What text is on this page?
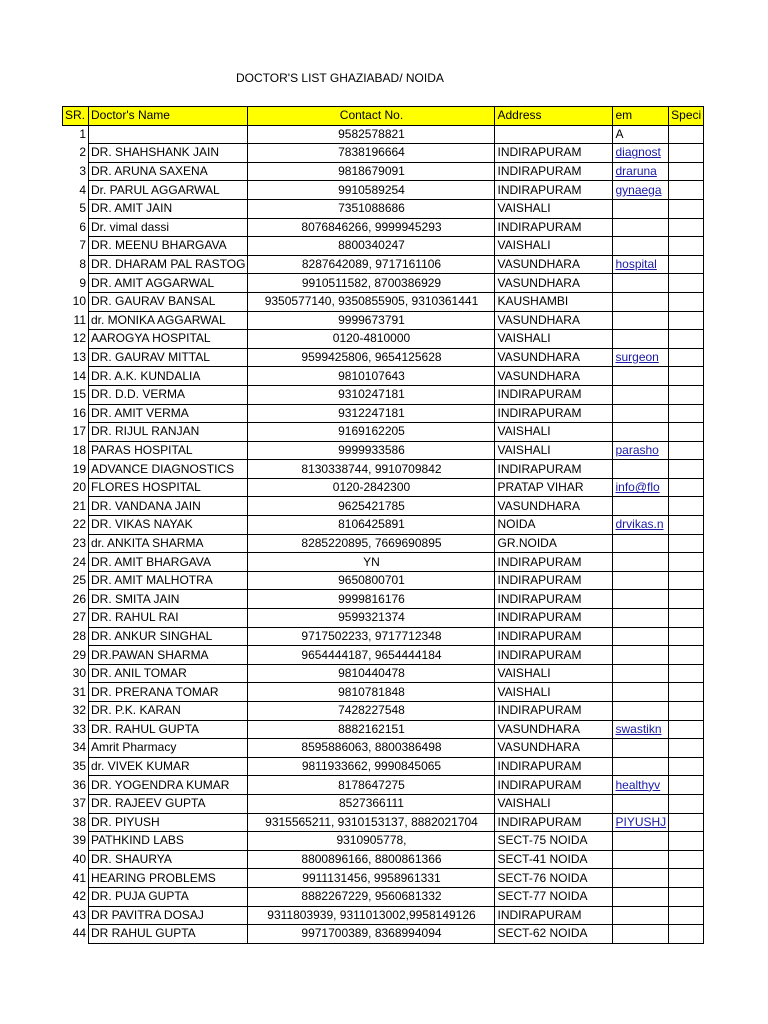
DOCTOR'S LIST GHAZIABAD/ NOIDA
SR.	Doctor's Name	Contact No.	Address	em	Speci
1		9582578821		A	
2	DR. SHAHSHANK JAIN	7838196664	INDIRAPURAM	diagnost	
3	DR. ARUNA SAXENA	9818679091	INDIRAPURAM	draruna	
4	Dr. PARUL AGGARWAL	9910589254	INDIRAPURAM	gynaega	
5	DR. AMIT JAIN	7351088686	VAISHALI		
6	Dr. vimal dassi	8076846266, 9999945293	INDIRAPURAM		
7	DR. MEENU BHARGAVA	8800340247	VAISHALI		
8	DR. DHARAM PAL RASTOG	8287642089, 9717161106	VASUNDHARA	hospital	
9	DR. AMIT AGGARWAL	9910511582, 8700386929	VASUNDHARA		
10	DR. GAURAV BANSAL	9350577140, 9350855905, 9310361441	KAUSHAMBI		
11	dr. MONIKA AGGARWAL	9999673791	VASUNDHARA		
12	AAROGYA HOSPITAL	0120-4810000	VAISHALI		
13	DR. GAURAV MITTAL	9599425806, 9654125628	VASUNDHARA	surgeon	
14	DR. A.K. KUNDALIA	9810107643	VASUNDHARA		
15	DR. D.D. VERMA	9310247181	INDIRAPURAM		
16	DR. AMIT VERMA	9312247181	INDIRAPURAM		
17	DR. RIJUL RANJAN	9169162205	VAISHALI		
18	PARAS HOSPITAL	9999933586	VAISHALI	parasho	
19	ADVANCE DIAGNOSTICS	8130338744, 9910709842	INDIRAPURAM		
20	FLORES HOSPITAL	0120-2842300	PRATAP VIHAR	info@flo	
21	DR. VANDANA JAIN	9625421785	VASUNDHARA		
22	DR. VIKAS NAYAK	8106425891	NOIDA	drvikas.n	
23	dr. ANKITA SHARMA	8285220895, 7669690895	GR.NOIDA		
24	DR. AMIT BHARGAVA	YN	INDIRAPURAM		
25	DR. AMIT MALHOTRA	9650800701	INDIRAPURAM		
26	DR. SMITA JAIN	9999816176	INDIRAPURAM		
27	DR. RAHUL RAI	9599321374	INDIRAPURAM		
28	DR. ANKUR SINGHAL	9717502233, 9717712348	INDIRAPURAM		
29	DR.PAWAN SHARMA	9654444187, 9654444184	INDIRAPURAM		
30	DR. ANIL TOMAR	9810440478	VAISHALI		
31	DR. PRERANA TOMAR	9810781848	VAISHALI		
32	DR. P.K. KARAN	7428227548	INDIRAPURAM		
33	DR. RAHUL GUPTA	8882162151	VASUNDHARA	swastikn	
34	Amrit Pharmacy	8595886063, 8800386498	VASUNDHARA		
35	dr. VIVEK KUMAR	9811933662, 9990845065	INDIRAPURAM		
36	DR. YOGENDRA KUMAR	8178647275	INDIRAPURAM	healthyv	
37	DR. RAJEEV GUPTA	8527366111	VAISHALI		
38	DR. PIYUSH	9315565211, 9310153137, 8882021704	INDIRAPURAM	PIYUSHJ	
39	PATHKIND LABS	9310905778,	SECT-75 NOIDA		
40	DR. SHAURYA	8800896166, 8800861366	SECT-41 NOIDA		
41	HEARING PROBLEMS	9911131456, 9958961331	SECT-76 NOIDA		
42	DR. PUJA GUPTA	8882267229, 9560681332	SECT-77 NOIDA		
43	DR PAVITRA DOSAJ	9311803939, 9311013002,9958149126	INDIRAPURAM		
44	DR RAHUL GUPTA	9971700389, 8368994094	SECT-62 NOIDA		
